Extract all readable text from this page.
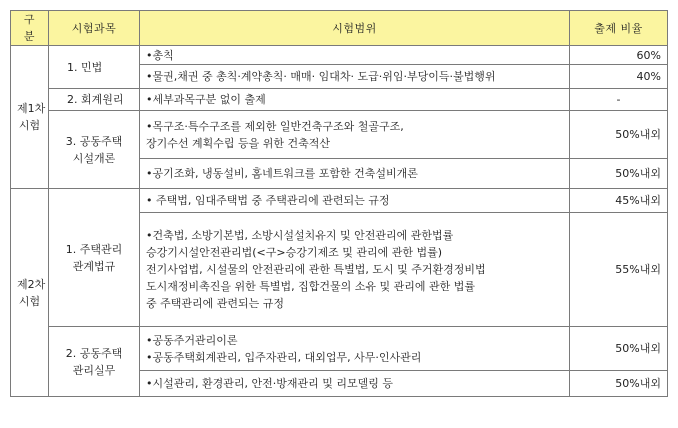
구 분	시험과목	시험범위	출제 비율

제1차
시험	1. 민법	•총칙	60%

		•물권,채권 중 총칙·계약총칙· 매매· 임대차· 도급·위임·부당이득·불법행위	40%

	2. 회계원리	•세부과목구분 없이 출제	-

	3. 공동주택
시설개론	•목구조·특수구조를 제외한 일반건축구조와 철골구조,
장기수선 계획수립 등을 위한 건축적산	50%내외

		•공기조화, 냉동설비, 홈네트워크를 포함한 건축설비개론	50%내외

제2차
시험	1. 주택관리
관계법규	• 주택법, 임대주택법 중 주택관리에 관련되는 규정	45%내외

		•건축법, 소방기본법, 소방시설설치유지 및 안전관리에 관한법률
승강기시설안전관리법(<구>승강기제조 및 관리에 관한 법률)
전기사업법, 시설물의 안전관리에 관한 특별법, 도시 및 주거환경정비법
도시재정비촉진을 위한 특별법, 집합건물의 소유 및 관리에 관한 법률
중 주택관리에 관련되는 규정	55%내외

	2. 공동주택
관리실무	•공동주거관리이론
•공동주택회계관리, 입주자관리, 대외업무, 사무·인사관리	50%내외

		•시설관리, 환경관리, 안전·방재관리 및 리모델링 등	50%내외
